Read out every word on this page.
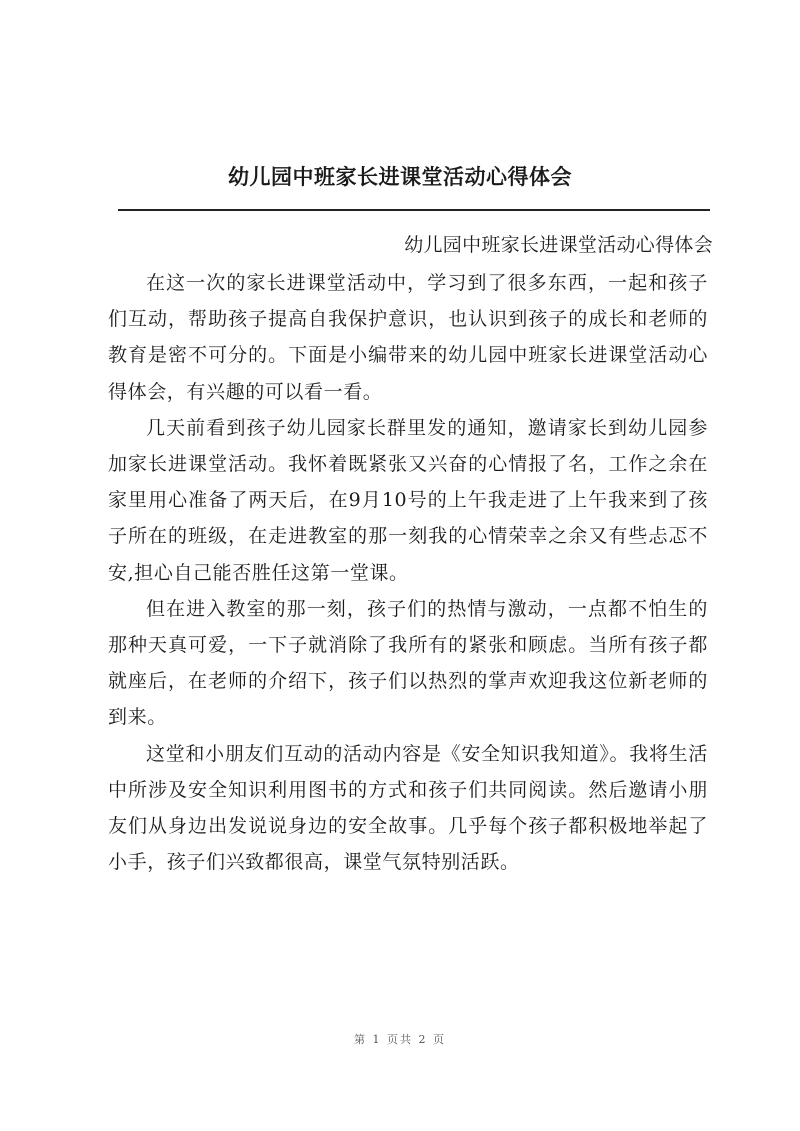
幼儿园中班家长进课堂活动心得体会
幼儿园中班家长进课堂活动心得体会

在这一次的家长进课堂活动中，学习到了很多东西，一起和孩子们互动，帮助孩子提高自我保护意识，也认识到孩子的成长和老师的教育是密不可分的。下面是小编带来的幼儿园中班家长进课堂活动心得体会，有兴趣的可以看一看。

几天前看到孩子幼儿园家长群里发的通知，邀请家长到幼儿园参加家长进课堂活动。我怀着既紧张又兴奋的心情报了名，工作之余在家里用心准备了两天后，在9月10号的上午我走进了上午我来到了孩子所在的班级，在走进教室的那一刻我的心情荣幸之余又有些忐忑不安,担心自己能否胜任这第一堂课。

但在进入教室的那一刻，孩子们的热情与激动，一点都不怕生的那种天真可爱，一下子就消除了我所有的紧张和顾虑。当所有孩子都就座后，在老师的介绍下，孩子们以热烈的掌声欢迎我这位新老师的到来。

这堂和小朋友们互动的活动内容是《安全知识我知道》。我将生活中所涉及安全知识利用图书的方式和孩子们共同阅读。然后邀请小朋友们从身边出发说说身边的安全故事。几乎每个孩子都积极地举起了小手，孩子们兴致都很高，课堂气氛特别活跃。

第 1 页共 2 页
